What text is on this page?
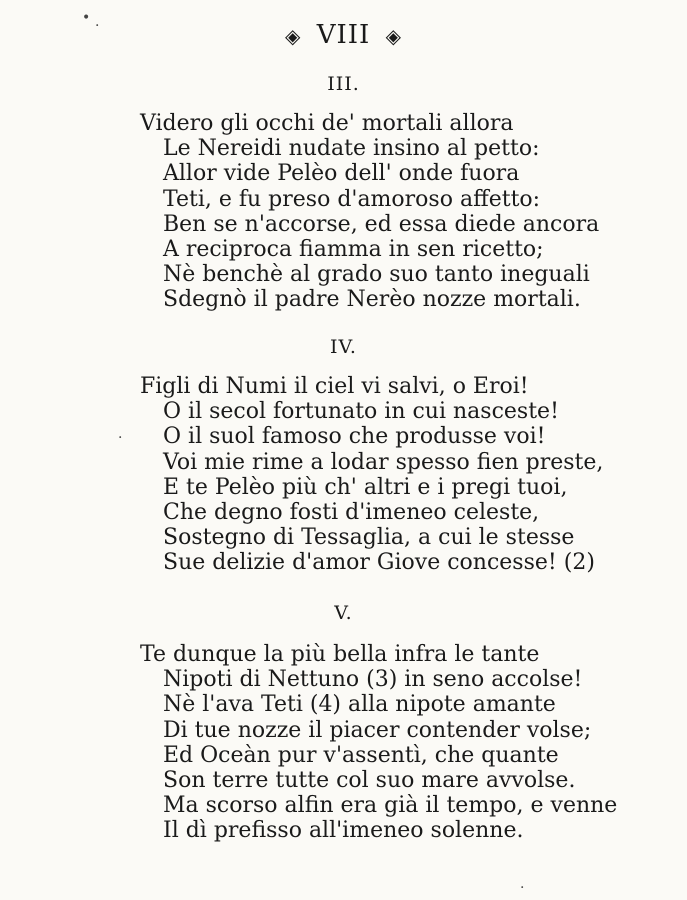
• ·	◈ VIII ◈
III.
Videro gli occhi de' mortali allora
Le Nereidi nudate insino al petto:
Allor vide Pelèo dell' onde fuora
Teti, e fu preso d'amoroso affetto:
Ben se n'accorse, ed essa diede ancora
A reciproca fiamma in sen ricetto;
Nè benchè al grado suo tanto ineguali
Sdegnò il padre Nerèo nozze mortali.
IV.
Figli di Numi il ciel vi salvi, o Eroi!
O il secol fortunato in cui nasceste!
O il suol famoso che produsse voi!
Voi mie rime a lodar spesso fien preste,
E te Pelèo più ch' altri e i pregi tuoi,
Che degno fosti d'imeneo celeste,
Sostegno di Tessaglia, a cui le stesse
Sue delizie d'amor Giove concesse! (2)
V.
Te dunque la più bella infra le tante
Nipoti di Nettuno (3) in seno accolse!
Nè l'ava Teti (4) alla nipote amante
Di tue nozze il piacer contender volse;
Ed Oceàn pur v'assentì, che quante
Son terre tutte col suo mare avvolse.
Ma scorso alfin era già il tempo, e venne
Il dì prefisso all'imeneo solenne.
·
·
